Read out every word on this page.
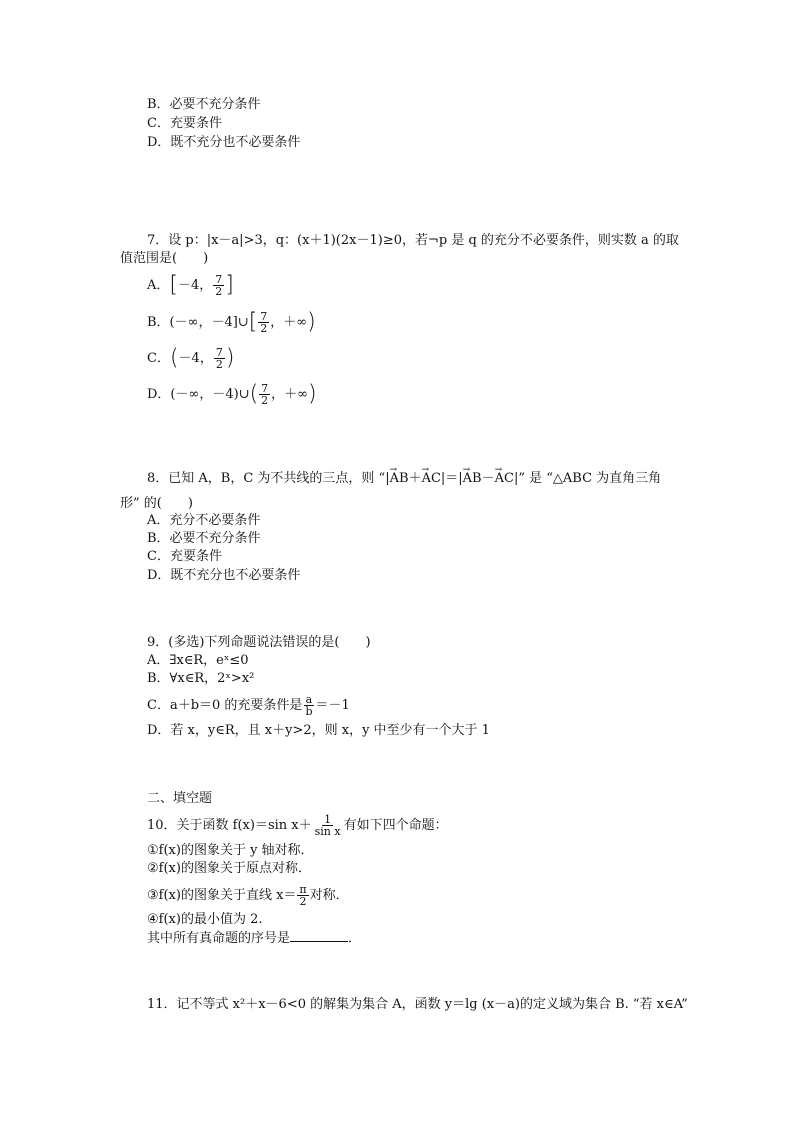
B．必要不充分条件
C．充要条件
D．既不充分也不必要条件
7．设 p：|x－a|>3，q：(x＋1)(2x－1)≥0，若¬p 是 q 的充分不必要条件，则实数 a 的取
值范围是(　　)
A．[－4， $\frac{7}{2}$ ]
B．(－∞，－4]∪[ $\frac{7}{2}$ ，＋∞)
C．(－4， $\frac{7}{2}$ )
D．(－∞，－4)∪( $\frac{7}{2}$ ，＋∞)
8．已知 A，B，C 为不共线的三点，则 “|→ AB＋→ AC|＝|→ AB－→ AC|” 是 “△ABC 为直角三角
形” 的(　　)
A．充分不必要条件
B．必要不充分条件
C．充要条件
D．既不充分也不必要条件
9．(多选)下列命题说法错误的是(　　)
A．∃x∈R，eˣ≤0
B．∀x∈R，2ˣ>x²
C．a＋b＝0 的充要条件是 $\frac{a}{b} =-1$
D．若 x，y∈R，且 x＋y>2，则 x，y 中至少有一个大于 1
二、填空题
10．关于函数 f(x)＝sin $x+ \frac{1}{\text{sin x}}$ 有如下四个命题：
①f(x)的图象关于 y 轴对称．
②f(x)的图象关于原点对称．
③f(x)的图象关于直线 $x= \frac{\pi}{2}$ 对称．
④f(x)的最小值为 2.
其中所有真命题的序号是	．
11．记不等式 x²＋x－6<0 的解集为集合 A，函数 y＝lg (x－a)的定义域为集合 B. “若 x∈A”
